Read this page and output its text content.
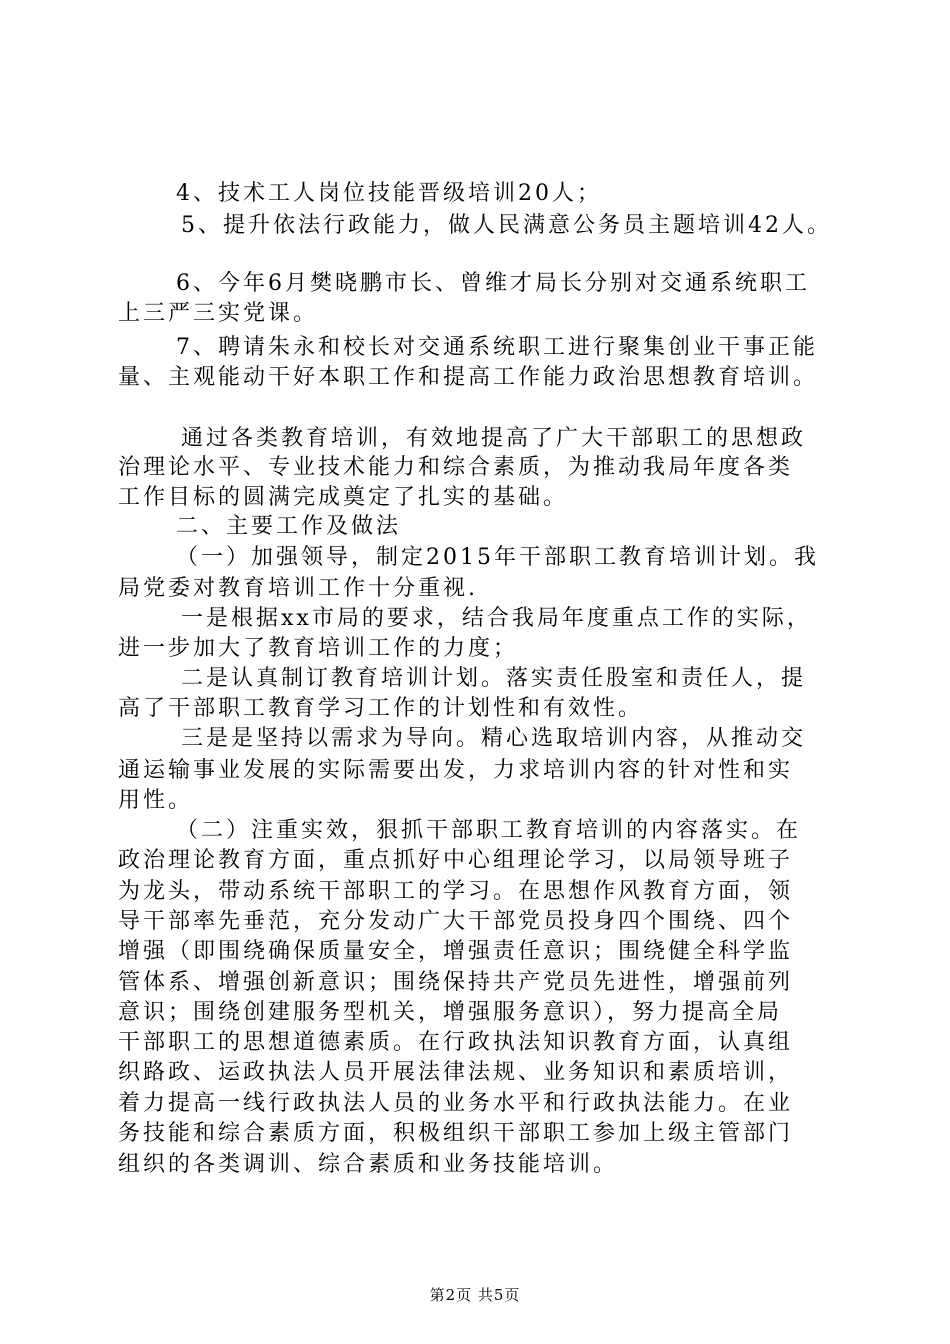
4、技术工人岗位技能晋级培训20人；
5、提升依法行政能力，做人民满意公务员主题培训42人。
6、今年6月樊晓鹏市长、曾维才局长分别对交通系统职工
上三严三实党课。
7、聘请朱永和校长对交通系统职工进行聚集创业干事正能
量、主观能动干好本职工作和提高工作能力政治思想教育培训。
通过各类教育培训，有效地提高了广大干部职工的思想政
治理论水平、专业技术能力和综合素质，为推动我局年度各类
工作目标的圆满完成奠定了扎实的基础。
二、主要工作及做法
（一）加强领导，制定2015年干部职工教育培训计划。我
局党委对教育培训工作十分重视.
一是根据xx市局的要求，结合我局年度重点工作的实际，
进一步加大了教育培训工作的力度；
二是认真制订教育培训计划。落实责任股室和责任人，提
高了干部职工教育学习工作的计划性和有效性。
三是是坚持以需求为导向。精心选取培训内容，从推动交
通运输事业发展的实际需要出发，力求培训内容的针对性和实
用性。
（二）注重实效，狠抓干部职工教育培训的内容落实。在
政治理论教育方面，重点抓好中心组理论学习，以局领导班子
为龙头，带动系统干部职工的学习。在思想作风教育方面，领
导干部率先垂范，充分发动广大干部党员投身四个围绕、四个
增强（即围绕确保质量安全，增强责任意识；围绕健全科学监
管体系、增强创新意识；围绕保持共产党员先进性，增强前列
意识；围绕创建服务型机关，增强服务意识），努力提高全局
干部职工的思想道德素质。在行政执法知识教育方面，认真组
织路政、运政执法人员开展法律法规、业务知识和素质培训，
着力提高一线行政执法人员的业务水平和行政执法能力。在业
务技能和综合素质方面，积极组织干部职工参加上级主管部门
组织的各类调训、综合素质和业务技能培训。
第2页 共5页
